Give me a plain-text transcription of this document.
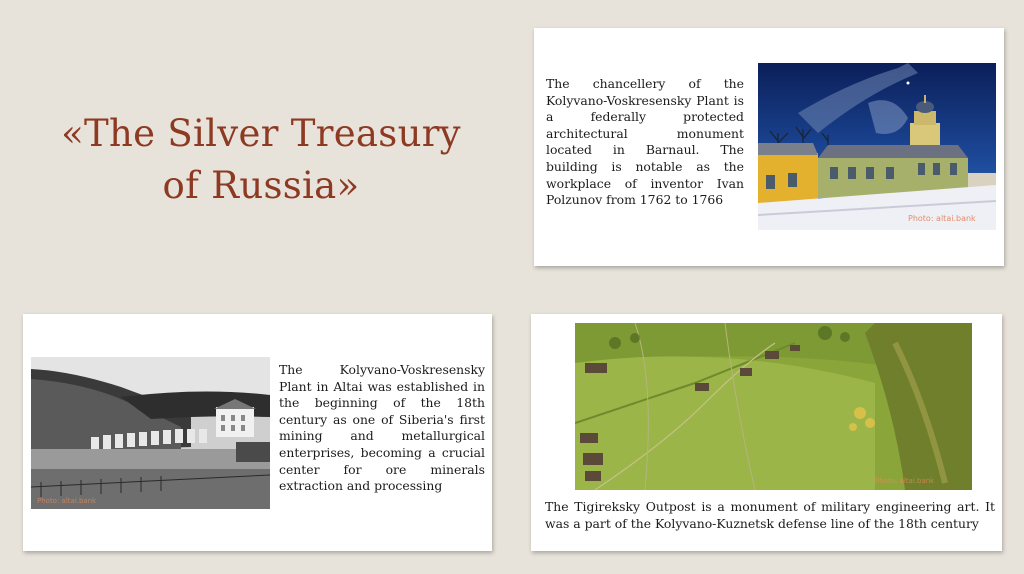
«The Silver Treasury
of Russia»

The chancellery of the Kolyvano-Voskresensky Plant is a federally protected architectural monument located in Barnaul. The building is notable as the workplace of inventor Ivan Polzunov from 1762 to 1766

Photo: altai.bank
Photo: altai.bank

The Kolyvano-Voskresensky Plant in Altai was established in the beginning of the 18th century as one of Siberia's first mining and metallurgical enterprises, becoming a crucial center for ore minerals extraction and processing	Photo: altai.bank

The Tigireksky Outpost is a monument of military engineering art. It was a part of the Kolyvano-Kuznetsk defense line of the 18th century
